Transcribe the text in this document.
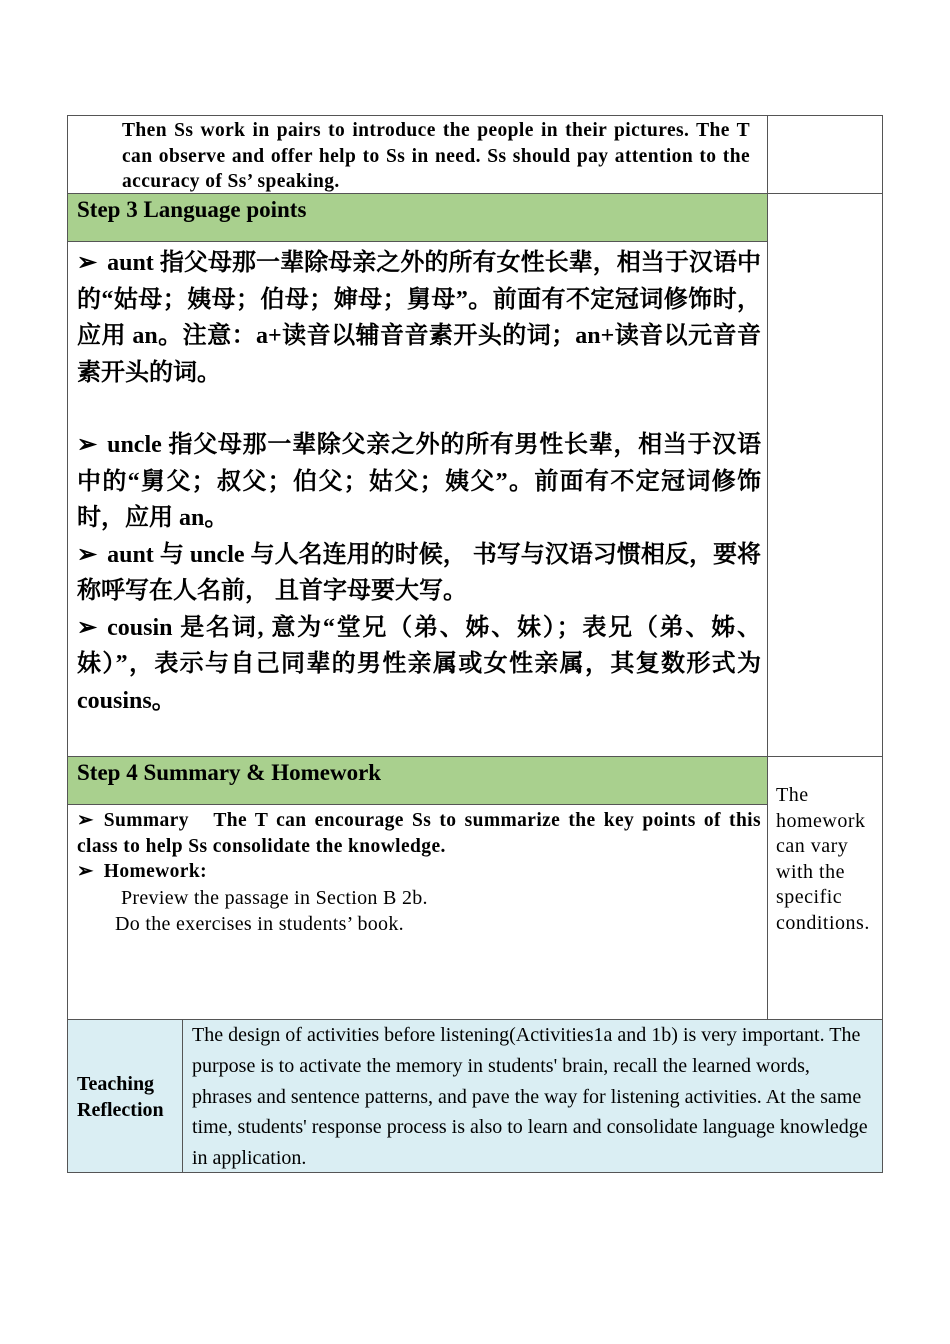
Then Ss work in pairs to introduce the people in their pictures. The T can observe and offer help to Ss in need. Ss should pay attention to the accuracy of Ss’ speaking.

Step 3 Language points

➢ aunt 指父母那一辈除母亲之外的所有女性长辈，相当于汉语中的“姑母；姨母；伯母；婶母；舅母”。前面有不定冠词修饰时，应用 an。注意：a+读音以辅音音素开头的词；an+读音以元音音素开头的词。

➢ uncle 指父母那一辈除父亲之外的所有男性长辈，相当于汉语中的“舅父；叔父；伯父；姑父；姨父”。前面有不定冠词修饰时，应用 an。

➢ aunt 与 uncle 与人名连用的时候， 书写与汉语习惯相反，要将称呼写在人名前， 且首字母要大写。

➢ cousin 是名词, 意为“堂兄（弟、姊、妹）；表兄（弟、姊、妹）”，表示与自己同辈的男性亲属或女性亲属，其复数形式为 cousins。

Step 4 Summary & Homework

➢ Summary The T can encourage Ss to summarize the key points of this class to help Ss consolidate the knowledge.

➢ Homework:

Preview the passage in Section B 2b.

Do the exercises in students’ book.

The homework can vary with the specific conditions.

Teaching Reflection

The design of activities before listening(Activities1a and 1b) is very important. The purpose is to activate the memory in students' brain, recall the learned words, phrases and sentence patterns, and pave the way for listening activities. At the same time, students' response process is also to learn and consolidate language knowledge in application.
